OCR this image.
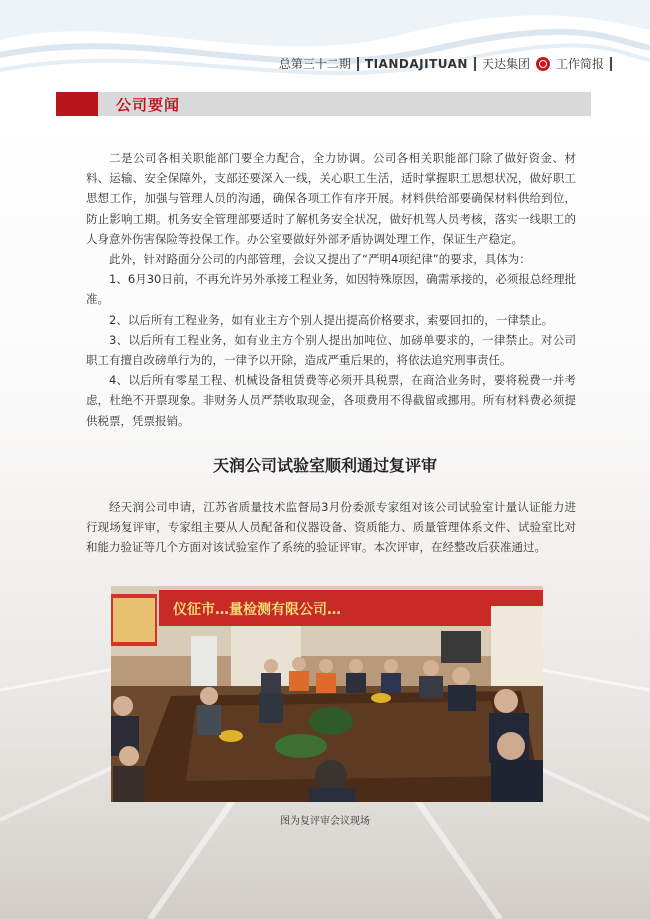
总第三十二期 TIANDAJITUAN 天达集团 工作简报
公司要闻

二是公司各相关职能部门要全力配合，全力协调。公司各相关职能部门除了做好资金、材料、运输、安全保障外，支部还要深入一线，关心职工生活，适时掌握职工思想状况，做好职工思想工作，加强与管理人员的沟通，确保各项工作有序开展。材料供给部要确保材料供给到位，防止影响工期。机务安全管理部要适时了解机务安全状况，做好机驾人员考核，落实一线职工的人身意外伤害保险等投保工作。办公室要做好外部矛盾协调处理工作，保证生产稳定。

此外，针对路面分公司的内部管理，会议又提出了“严明4项纪律”的要求，具体为：

1、6月30日前，不再允许另外承接工程业务，如因特殊原因，确需承接的，必须报总经理批准。

2、以后所有工程业务，如有业主方个别人提出提高价格要求，索要回扣的，一律禁止。

3、以后所有工程业务，如有业主方个别人提出加吨位、加磅单要求的，一律禁止。对公司职工有擅自改磅单行为的，一律予以开除，造成严重后果的，将依法追究刑事责任。

4、以后所有零星工程、机械设备租赁费等必须开具税票，在商洽业务时，要将税费一并考虑，杜绝不开票现象。非财务人员严禁收取现金，各项费用不得截留或挪用。所有材料费必须提供税票，凭票报销。

天润公司试验室顺利通过复评审

经天润公司申请，江苏省质量技术监督局3月份委派专家组对该公司试验室计量认证能力进行现场复评审，专家组主要从人员配备和仪器设备、资质能力、质量管理体系文件、试验室比对和能力验证等几个方面对该试验室作了系统的验证评审。本次评审，在经整改后获准通过。

仪征市…量检测有限公司…
图为复评审会议现场
